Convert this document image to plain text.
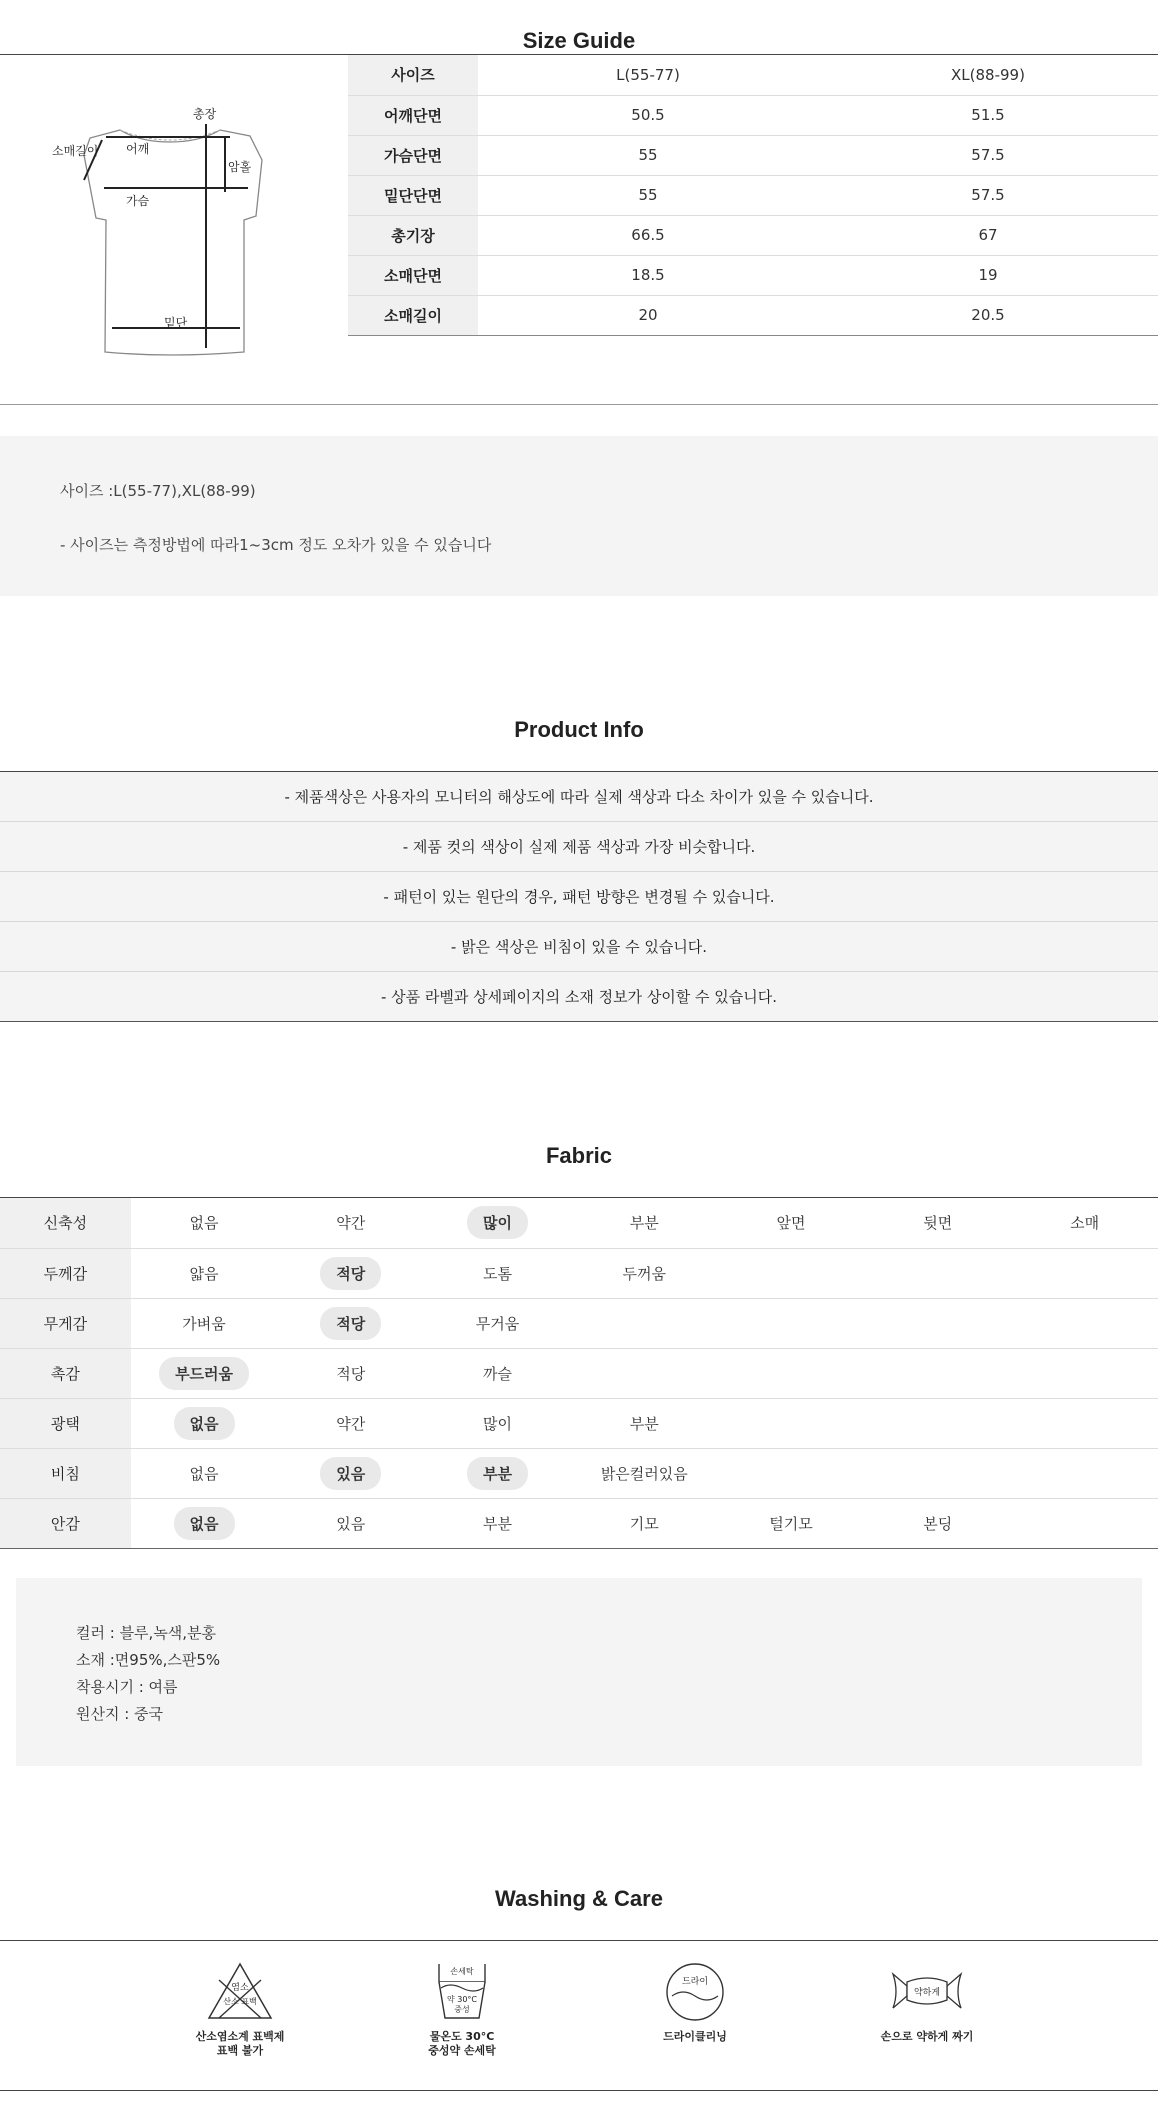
Size Guide
총장
소매길이 어깨
암홀
가슴
밑단
사이즈	L(55-77)	XL(88-99)
어깨단면	50.5	51.5
가슴단면	55	57.5
밑단단면	55	57.5
총기장	66.5	67
소매단면	18.5	19
소매길이	20	20.5
사이즈 :L(55-77),XL(88-99)
- 사이즈는 측정방법에 따라1~3cm 정도 오차가 있을 수 있습니다
Product Info
- 제품색상은 사용자의 모니터의 해상도에 따라 실제 색상과 다소 차이가 있을 수 있습니다.
- 제품 컷의 색상이 실제 제품 색상과 가장 비슷합니다.
- 패턴이 있는 원단의 경우, 패턴 방향은 변경될 수 있습니다.
- 밝은 색상은 비침이 있을 수 있습니다.
- 상품 라벨과 상세페이지의 소재 정보가 상이할 수 있습니다.
Fabric
신축성	없음	약간	많이	부분	앞면	뒷면	소매
두께감	얇음	적당	도톰	두꺼움			
무게감	가벼움	적당	무거움				
촉감	부드러움	적당	까슬				
광택	없음	약간	많이	부분			
비침	없음	있음	부분	밝은컬러있음			
안감	없음	있음	부분	기모	털기모	본딩	
컬러 : 블루,녹색,분홍
소재 :면95%,스판5%
착용시기 : 여름
원산지 : 중국
Washing & Care
염소
산소 표백
산소염소계 표백제
표백 불가
손세탁
약 30°C
중성
물온도 30°C
중성약 손세탁
드라이
드라이클리닝
약하게
손으로 약하게 짜기
